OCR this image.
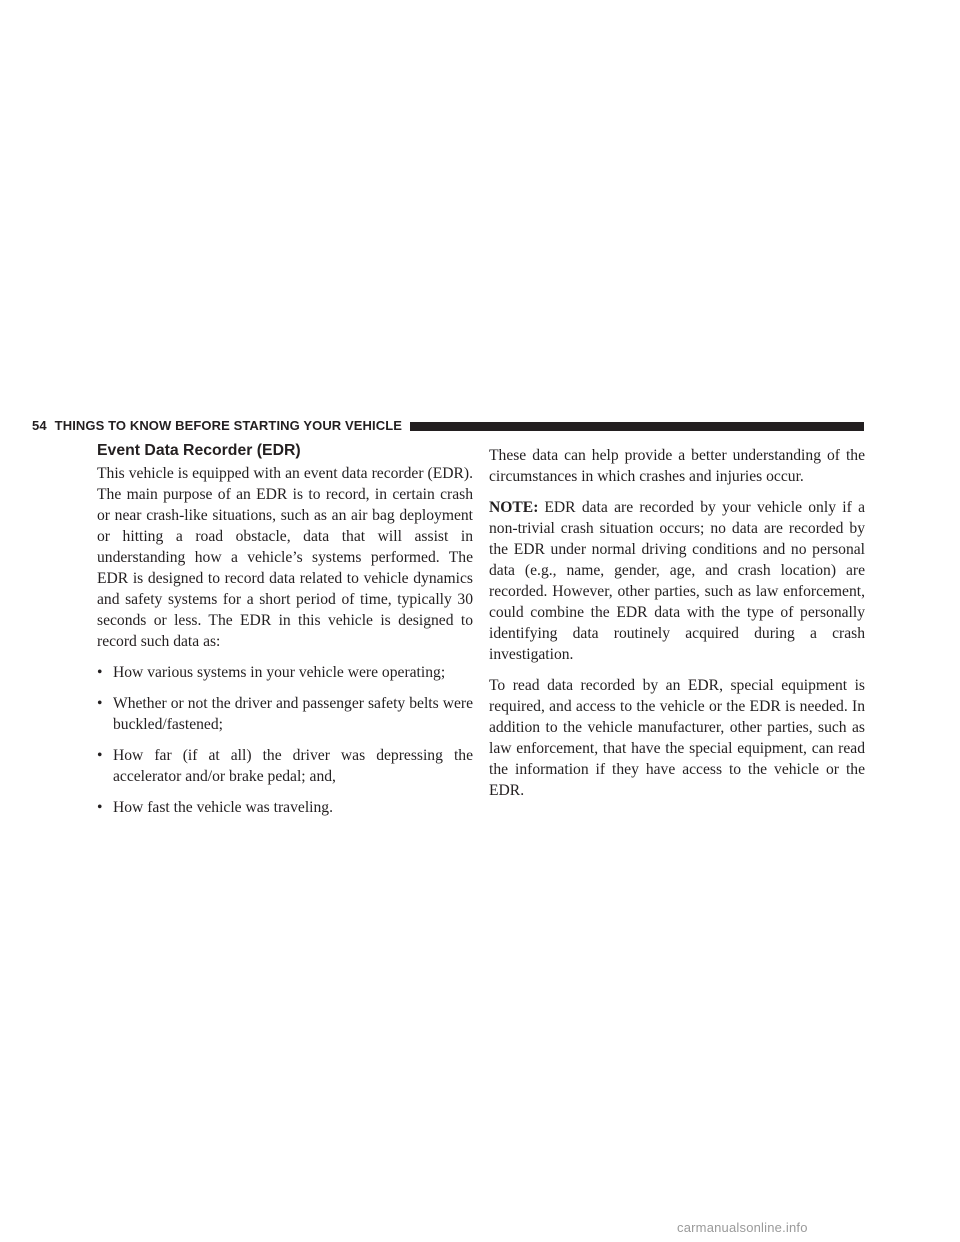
54 THINGS TO KNOW BEFORE STARTING YOUR VEHICLE
Event Data Recorder (EDR)

This vehicle is equipped with an event data recorder (EDR). The main purpose of an EDR is to record, in certain crash or near crash-like situations, such as an air bag deployment or hitting a road obstacle, data that will assist in understanding how a vehicle’s systems performed. The EDR is designed to record data related to vehicle dynamics and safety systems for a short period of time, typically 30 seconds or less. The EDR in this vehicle is designed to record such data as:

• How various systems in your vehicle were operating;
• Whether or not the driver and passenger safety belts were buckled/fastened;
• How far (if at all) the driver was depressing the accelerator and/or brake pedal; and,
• How fast the vehicle was traveling.

These data can help provide a better understanding of the circumstances in which crashes and injuries occur.

NOTE: EDR data are recorded by your vehicle only if a non-trivial crash situation occurs; no data are recorded by the EDR under normal driving conditions and no personal data (e.g., name, gender, age, and crash location) are recorded. However, other parties, such as law enforcement, could combine the EDR data with the type of personally identifying data routinely acquired during a crash investigation.

To read data recorded by an EDR, special equipment is required, and access to the vehicle or the EDR is needed. In addition to the vehicle manufacturer, other parties, such as law enforcement, that have the special equipment, can read the information if they have access to the vehicle or the EDR.

carmanualsonline.info
